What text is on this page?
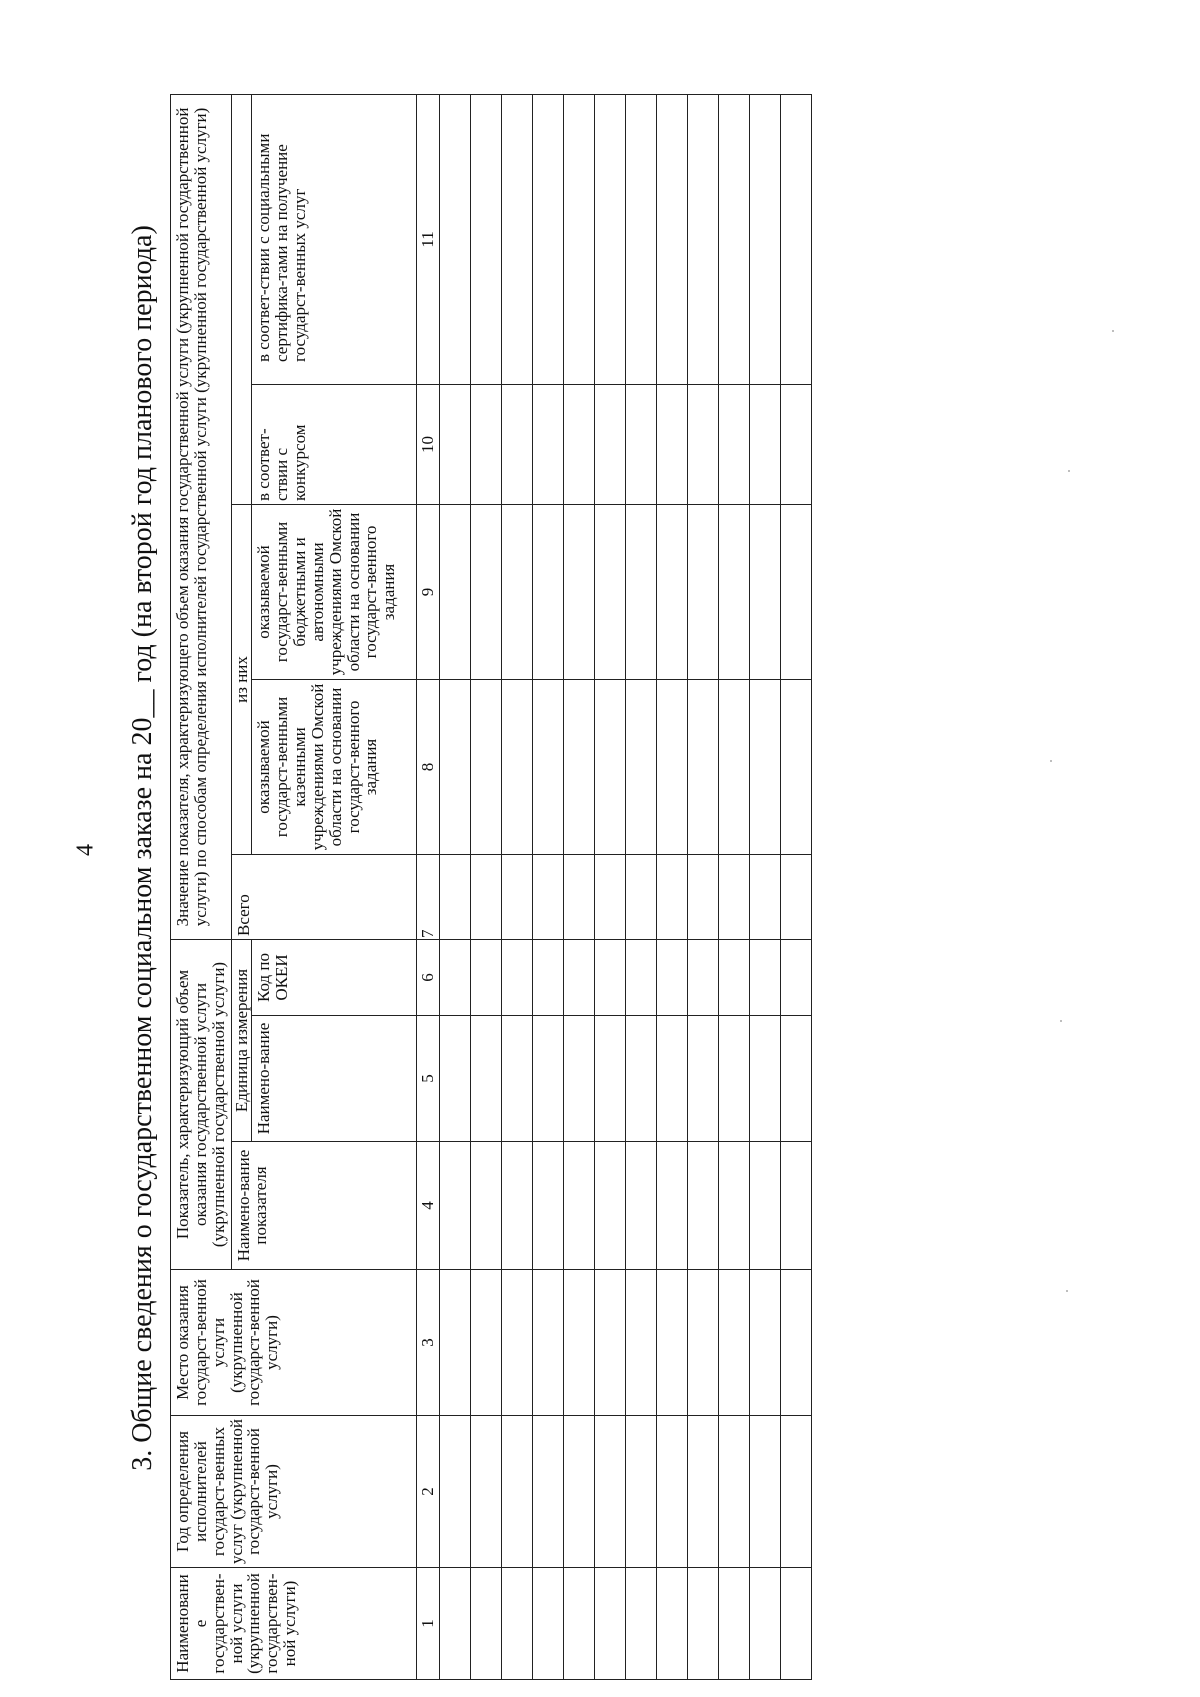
4 3. Общие сведения о государственном социальном заказе на 20__ год (на второй год планового периода)
Наименование государствен-ной услуги (укрупненной государствен-ной услуги)	Год определения исполнителей государст-венных услуг (укрупненной государст-венной услуги)	Место оказания государст-венной услуги (укрупненной государст-венной услуги)	Показатель, характеризующий объем оказания государственной услуги (укрупненной государственной услуги)			Значение показателя, характеризующего объем оказания государственной услуги (укрупненной государственной услуги) по способам определения исполнителей государственной услуги (укрупненной государственной услуги)				
			Наимено-вание показателя	Единица измерения		Всего	из них			
				Наимено-вание	Код по ОКЕИ		оказываемой государст-венными казенными учреждениями Омской области на основании государст-венного задания	оказываемой государст-венными бюджетными и автономными учреждениями Омской области на основании государст-венного задания	в соответ-ствии с конкурсом	в соответ-ствии с социальными сертифика-тами на получение государст-венных услуг
1	2	3	4	5	6	7	8	9	10	11
